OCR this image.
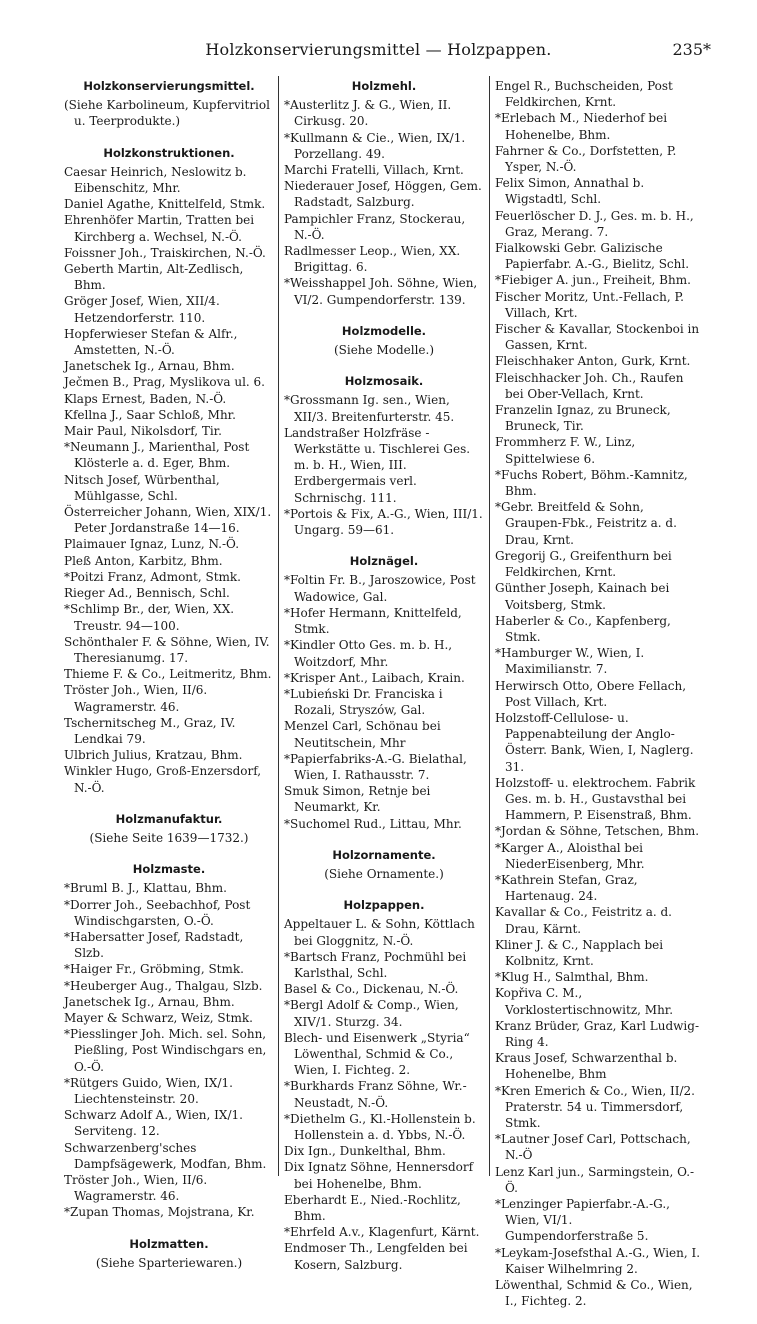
Holzkonservierungsmittel — Holzpappen.	235*
Holzkonservierungsmittel.
(Siehe Karbolineum, Kupfervitriol u. Teerprodukte.)
Holzkonstruktionen.
Caesar Heinrich, Neslowitz b. Eibenschitz, Mhr.
Daniel Agathe, Knittelfeld, Stmk.
Ehrenhöfer Martin, Tratten bei Kirchberg a. Wechsel, N.-Ö.
Foissner Joh., Traiskirchen, N.-Ö.
Geberth Martin, Alt-Zedlisch, Bhm.
Gröger Josef, Wien, XII/4. Hetzendorferstr. 110.
Hopferwieser Stefan & Alfr., Amstetten, N.-Ö.
Janetschek Ig., Arnau, Bhm.
Ječmen B., Prag, Myslikova ul. 6.
Klaps Ernest, Baden, N.-Ö.
Kfellna J., Saar Schloß, Mhr.
Mair Paul, Nikolsdorf, Tir.
*Neumann J., Marienthal, Post Klösterle a. d. Eger, Bhm.
Nitsch Josef, Würbenthal, Mühlgasse, Schl.
Österreicher Johann, Wien, XIX/1. Peter Jordanstraße 14—16.
Plaimauer Ignaz, Lunz, N.-Ö.
Pleß Anton, Karbitz, Bhm.
*Poitzi Franz, Admont, Stmk.
Rieger Ad., Bennisch, Schl.
*Schlimp Br., der, Wien, XX. Treustr. 94—100.
Schönthaler F. & Söhne, Wien, IV. Theresianumg. 17.
Thieme F. & Co., Leitmeritz, Bhm.
Tröster Joh., Wien, II/6. Wagramerstr. 46.
Tschernitscheg M., Graz, IV. Lendkai 79.
Ulbrich Julius, Kratzau, Bhm.
Winkler Hugo, Groß-Enzersdorf, N.-Ö.
Holzmanufaktur.
(Siehe Seite 1639—1732.)
Holzmaste.
*Bruml B. J., Klattau, Bhm.
*Dorrer Joh., Seebachhof, Post Windischgarsten, O.-Ö.
*Habersatter Josef, Radstadt, Slzb.
*Haiger Fr., Gröbming, Stmk.
*Heuberger Aug., Thalgau, Slzb.
Janetschek Ig., Arnau, Bhm.
Mayer & Schwarz, Weiz, Stmk.
*Piesslinger Joh. Mich. sel. Sohn, Pießling, Post Windischgars en, O.-Ö.
*Rütgers Guido, Wien, IX/1. Liechtensteinstr. 20.
Schwarz Adolf A., Wien, IX/1. Serviteng. 12.
Schwarzenberg'sches Dampfsägewerk, Modfan, Bhm.
Tröster Joh., Wien, II/6. Wagramerstr. 46.
*Zupan Thomas, Mojstrana, Kr.
Holzmatten.
(Siehe Sparteriewaren.)
Holzmehl.
*Austerlitz J. & G., Wien, II. Cirkusg. 20.
*Kullmann & Cie., Wien, IX/1. Porzellang. 49.
Marchi Fratelli, Villach, Krnt.
Niederauer Josef, Höggen, Gem. Radstadt, Salzburg.
Pampichler Franz, Stockerau, N.-Ö.
Radlmesser Leop., Wien, XX. Brigittag. 6.
*Weisshappel Joh. Söhne, Wien, VI/2. Gumpendorferstr. 139.
Holzmodelle.
(Siehe Modelle.)
Holzmosaik.
*Grossmann Ig. sen., Wien, XII/3. Breitenfurterstr. 45.
Landstraßer Holzfräse - Werkstätte u. Tischlerei Ges. m. b. H., Wien, III. Erdbergermais verl. Schrnischg. 111.
*Portois & Fix, A.-G., Wien, III/1. Ungarg. 59—61.
Holznägel.
*Foltin Fr. B., Jaroszowice, Post Wadowice, Gal.
*Hofer Hermann, Knittelfeld, Stmk.
*Kindler Otto Ges. m. b. H., Woitzdorf, Mhr.
*Krisper Ant., Laibach, Krain.
*Lubieński Dr. Franciska i Rozali, Stryszów, Gal.
Menzel Carl, Schönau bei Neutitschein, Mhr
*Papierfabriks-A.-G. Bielathal, Wien, I. Rathausstr. 7.
Smuk Simon, Retnje bei Neumarkt, Kr.
*Suchomel Rud., Littau, Mhr.
Holzornamente.
(Siehe Ornamente.)
Holzpappen.
Appeltauer L. & Sohn, Köttlach bei Gloggnitz, N.-Ö.
*Bartsch Franz, Pochmühl bei Karlsthal, Schl.
Basel & Co., Dickenau, N.-Ö.
*Bergl Adolf & Comp., Wien, XIV/1. Sturzg. 34.
Blech- und Eisenwerk „Styria“ Löwenthal, Schmid & Co., Wien, I. Fichteg. 2.
*Burkhards Franz Söhne, Wr.-Neustadt, N.-Ö.
*Diethelm G., Kl.-Hollenstein b. Hollenstein a. d. Ybbs, N.-Ö.
Dix Ign., Dunkelthal, Bhm.
Dix Ignatz Söhne, Hennersdorf bei Hohenelbe, Bhm.
Eberhardt E., Nied.-Rochlitz, Bhm.
*Ehrfeld A.v., Klagenfurt, Kärnt.
Endmoser Th., Lengfelden bei Kosern, Salzburg.
Engel R., Buchscheiden, Post Feldkirchen, Krnt.
*Erlebach M., Niederhof bei Hohenelbe, Bhm.
Fahrner & Co., Dorfstetten, P. Ysper, N.-Ö.
Felix Simon, Annathal b. Wigstadtl, Schl.
Feuerlöscher D. J., Ges. m. b. H., Graz, Merang. 7.
Fialkowski Gebr. Galizische Papierfabr. A.-G., Bielitz, Schl.
*Fiebiger A. jun., Freiheit, Bhm.
Fischer Moritz, Unt.-Fellach, P. Villach, Krt.
Fischer & Kavallar, Stockenboi in Gassen, Krnt.
Fleischhaker Anton, Gurk, Krnt.
Fleischhacker Joh. Ch., Raufen bei Ober-Vellach, Krnt.
Franzelin Ignaz, zu Bruneck, Bruneck, Tir.
Frommherz F. W., Linz, Spittelwiese 6.
*Fuchs Robert, Böhm.-Kamnitz, Bhm.
*Gebr. Breitfeld & Sohn, Graupen-Fbk., Feistritz a. d. Drau, Krnt.
Gregorij G., Greifenthurn bei Feldkirchen, Krnt.
Günther Joseph, Kainach bei Voitsberg, Stmk.
Haberler & Co., Kapfenberg, Stmk.
*Hamburger W., Wien, I. Maximilianstr. 7.
Herwirsch Otto, Obere Fellach, Post Villach, Krt.
Holzstoff-Cellulose- u. Pappenabteilung der Anglo-Österr. Bank, Wien, I, Naglerg. 31.
Holzstoff- u. elektrochem. Fabrik Ges. m. b. H., Gustavsthal bei Hammern, P. Eisenstraß, Bhm.
*Jordan & Söhne, Tetschen, Bhm.
*Karger A., Aloisthal bei NiederEisenberg, Mhr.
*Kathrein Stefan, Graz, Hartenaug. 24.
Kavallar & Co., Feistritz a. d. Drau, Kärnt.
Kliner J. & C., Napplach bei Kolbnitz, Krnt.
*Klug H., Salmthal, Bhm.
Kopřiva C. M., Vorklostertischnowitz, Mhr.
Kranz Brüder, Graz, Karl Ludwig-Ring 4.
Kraus Josef, Schwarzenthal b. Hohenelbe, Bhm
*Kren Emerich & Co., Wien, II/2. Praterstr. 54 u. Timmersdorf, Stmk.
*Lautner Josef Carl, Pottschach, N.-Ö
Lenz Karl jun., Sarmingstein, O.-Ö.
*Lenzinger Papierfabr.-A.-G., Wien, VI/1. Gumpendorferstraße 5.
*Leykam-Josefsthal A.-G., Wien, I. Kaiser Wilhelmring 2.
Löwenthal, Schmid & Co., Wien, I., Fichteg. 2.
